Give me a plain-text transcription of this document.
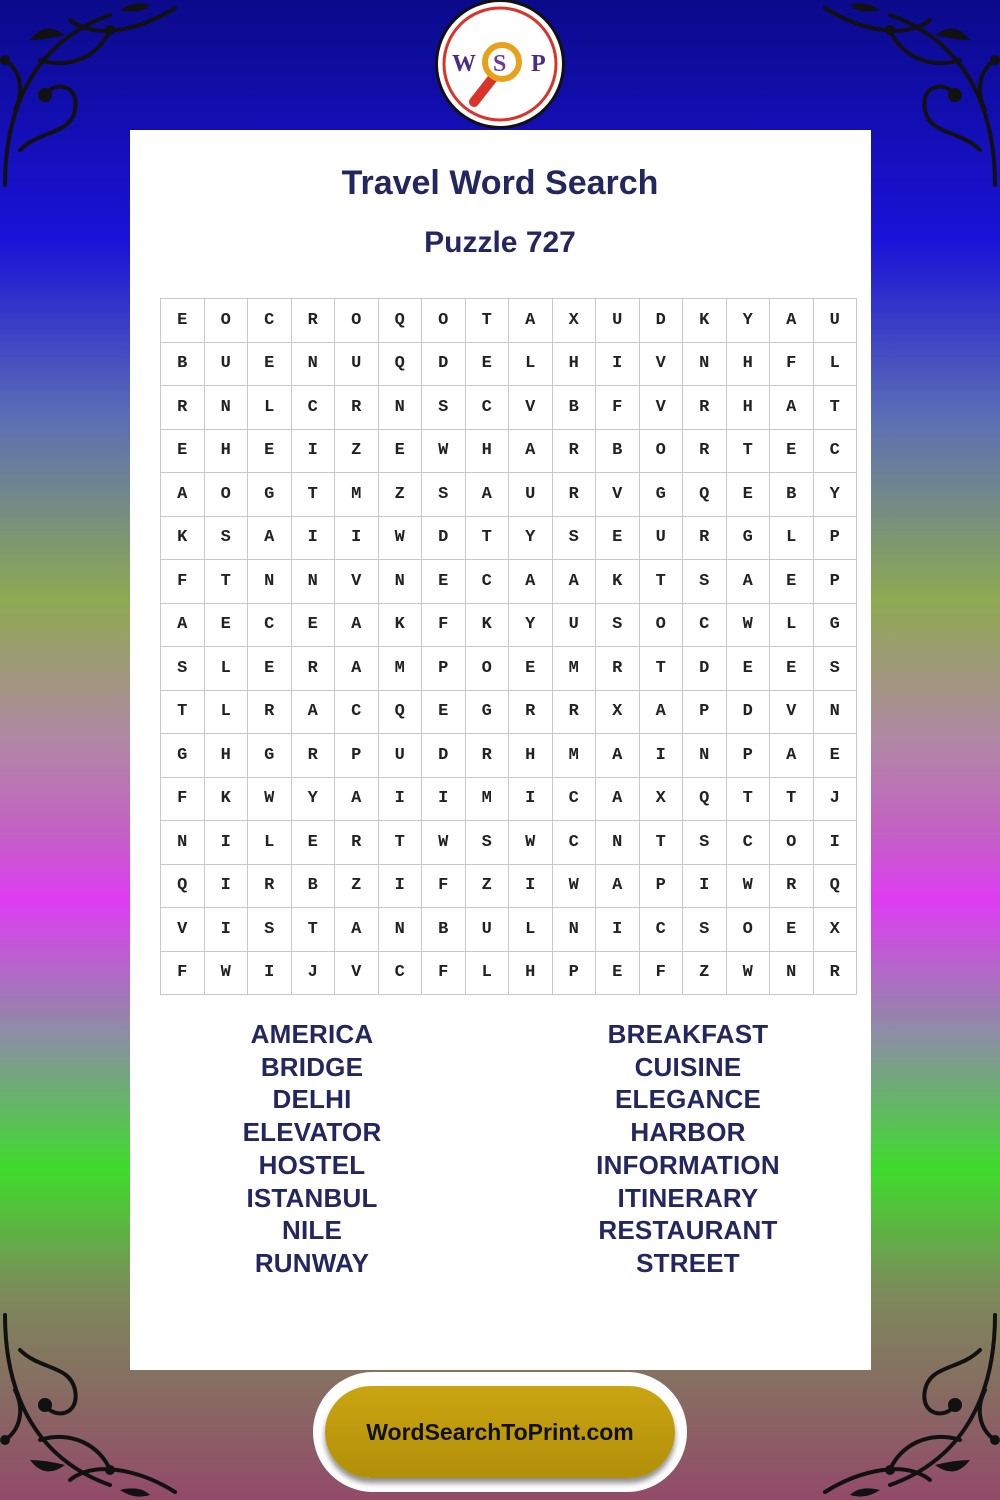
W S P
Travel Word Search
Puzzle 727
E	O	C	R	O	Q	O	T	A	X	U	D	K	Y	A	U
B	U	E	N	U	Q	D	E	L	H	I	V	N	H	F	L
R	N	L	C	R	N	S	C	V	B	F	V	R	H	A	T
E	H	E	I	Z	E	W	H	A	R	B	O	R	T	E	C
A	O	G	T	M	Z	S	A	U	R	V	G	Q	E	B	Y
K	S	A	I	I	W	D	T	Y	S	E	U	R	G	L	P
F	T	N	N	V	N	E	C	A	A	K	T	S	A	E	P
A	E	C	E	A	K	F	K	Y	U	S	O	C	W	L	G
S	L	E	R	A	M	P	O	E	M	R	T	D	E	E	S
T	L	R	A	C	Q	E	G	R	R	X	A	P	D	V	N
G	H	G	R	P	U	D	R	H	M	A	I	N	P	A	E
F	K	W	Y	A	I	I	M	I	C	A	X	Q	T	T	J
N	I	L	E	R	T	W	S	W	C	N	T	S	C	O	I
Q	I	R	B	Z	I	F	Z	I	W	A	P	I	W	R	Q
V	I	S	T	A	N	B	U	L	N	I	C	S	O	E	X
F	W	I	J	V	C	F	L	H	P	E	F	Z	W	N	R
AMERICA
BRIDGE
DELHI
ELEVATOR
HOSTEL
ISTANBUL
NILE
RUNWAY
BREAKFAST
CUISINE
ELEGANCE
HARBOR
INFORMATION
ITINERARY
RESTAURANT
STREET
WordSearchToPrint.com
